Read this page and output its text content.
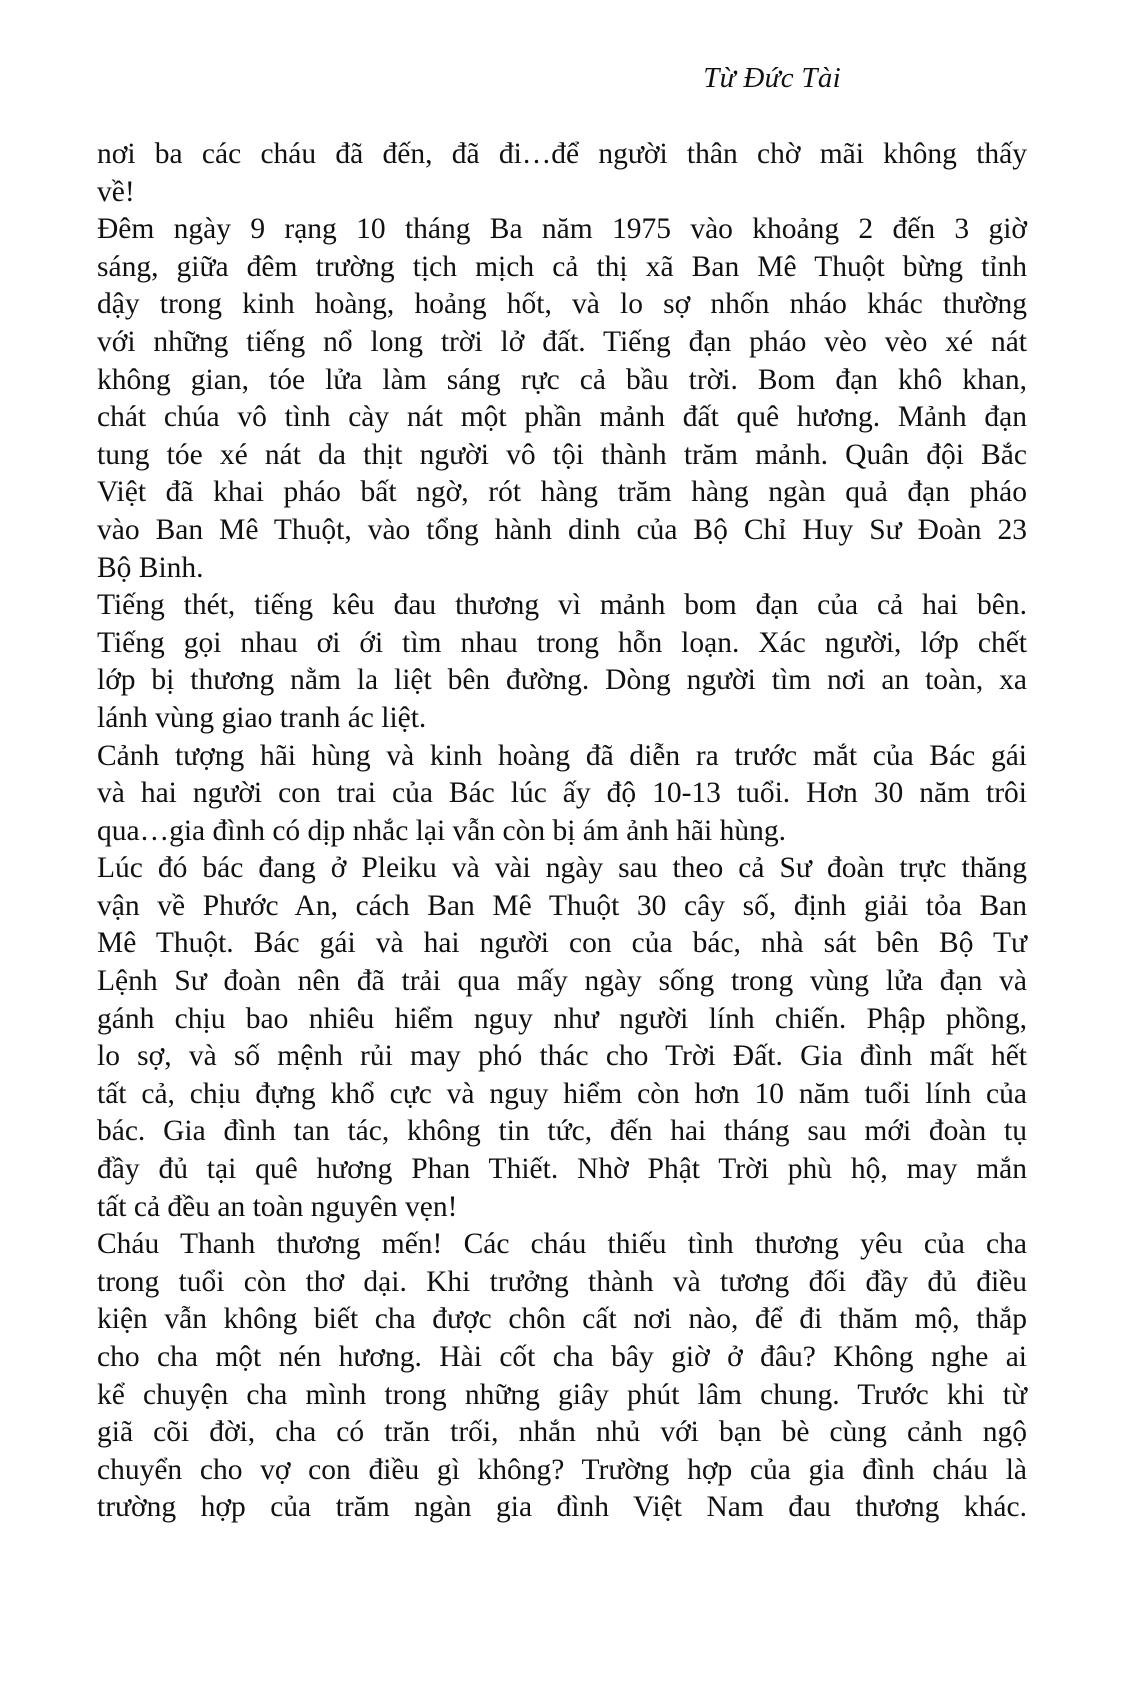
Từ Đức Tài
nơi ba các cháu đã đến, đã đi…để người thân chờ mãi không thấy
về!
Đêm ngày 9 rạng 10 tháng Ba năm 1975 vào khoảng 2 đến 3 giờ
sáng, giữa đêm trường tịch mịch cả thị xã Ban Mê Thuột bừng tỉnh
dậy trong kinh hoàng, hoảng hốt, và lo sợ nhốn nháo khác thường
với những tiếng nổ long trời lở đất. Tiếng đạn pháo vèo vèo xé nát
không gian, tóe lửa làm sáng rực cả bầu trời. Bom đạn khô khan,
chát chúa vô tình cày nát một phần mảnh đất quê hương. Mảnh đạn
tung tóe xé nát da thịt người vô tội thành trăm mảnh. Quân đội Bắc
Việt đã khai pháo bất ngờ, rót hàng trăm hàng ngàn quả đạn pháo
vào Ban Mê Thuột, vào tổng hành dinh của Bộ Chỉ Huy Sư Đoàn 23
Bộ Binh.
Tiếng thét, tiếng kêu đau thương vì mảnh bom đạn của cả hai bên.
Tiếng gọi nhau ơi ới tìm nhau trong hỗn loạn. Xác người, lớp chết
lớp bị thương nằm la liệt bên đường. Dòng người tìm nơi an toàn, xa
lánh vùng giao tranh ác liệt.
Cảnh tượng hãi hùng và kinh hoàng đã diễn ra trước mắt của Bác gái
và hai người con trai của Bác lúc ấy độ 10-13 tuổi. Hơn 30 năm trôi
qua…gia đình có dịp nhắc lại vẫn còn bị ám ảnh hãi hùng.
Lúc đó bác đang ở Pleiku và vài ngày sau theo cả Sư đoàn trực thăng
vận về Phước An, cách Ban Mê Thuột 30 cây số, định giải tỏa Ban
Mê Thuột. Bác gái và hai người con của bác, nhà sát bên Bộ Tư
Lệnh Sư đoàn nên đã trải qua mấy ngày sống trong vùng lửa đạn và
gánh chịu bao nhiêu hiểm nguy như người lính chiến. Phập phồng,
lo sợ, và số mệnh rủi may phó thác cho Trời Đất. Gia đình mất hết
tất cả, chịu đựng khổ cực và nguy hiểm còn hơn 10 năm tuổi lính của
bác. Gia đình tan tác, không tin tức, đến hai tháng sau mới đoàn tụ
đầy đủ tại quê hương Phan Thiết. Nhờ Phật Trời phù hộ, may mắn
tất cả đều an toàn nguyên vẹn!
Cháu Thanh thương mến! Các cháu thiếu tình thương yêu của cha
trong tuổi còn thơ dại. Khi trưởng thành và tương đối đầy đủ điều
kiện vẫn không biết cha được chôn cất nơi nào, để đi thăm mộ, thắp
cho cha một nén hương. Hài cốt cha bây giờ ở đâu? Không nghe ai
kể chuyện cha mình trong những giây phút lâm chung. Trước khi từ
giã cõi đời, cha có trăn trối, nhắn nhủ với bạn bè cùng cảnh ngộ
chuyển cho vợ con điều gì không? Trường hợp của gia đình cháu là
trường hợp của trăm ngàn gia đình Việt Nam đau thương khác.
